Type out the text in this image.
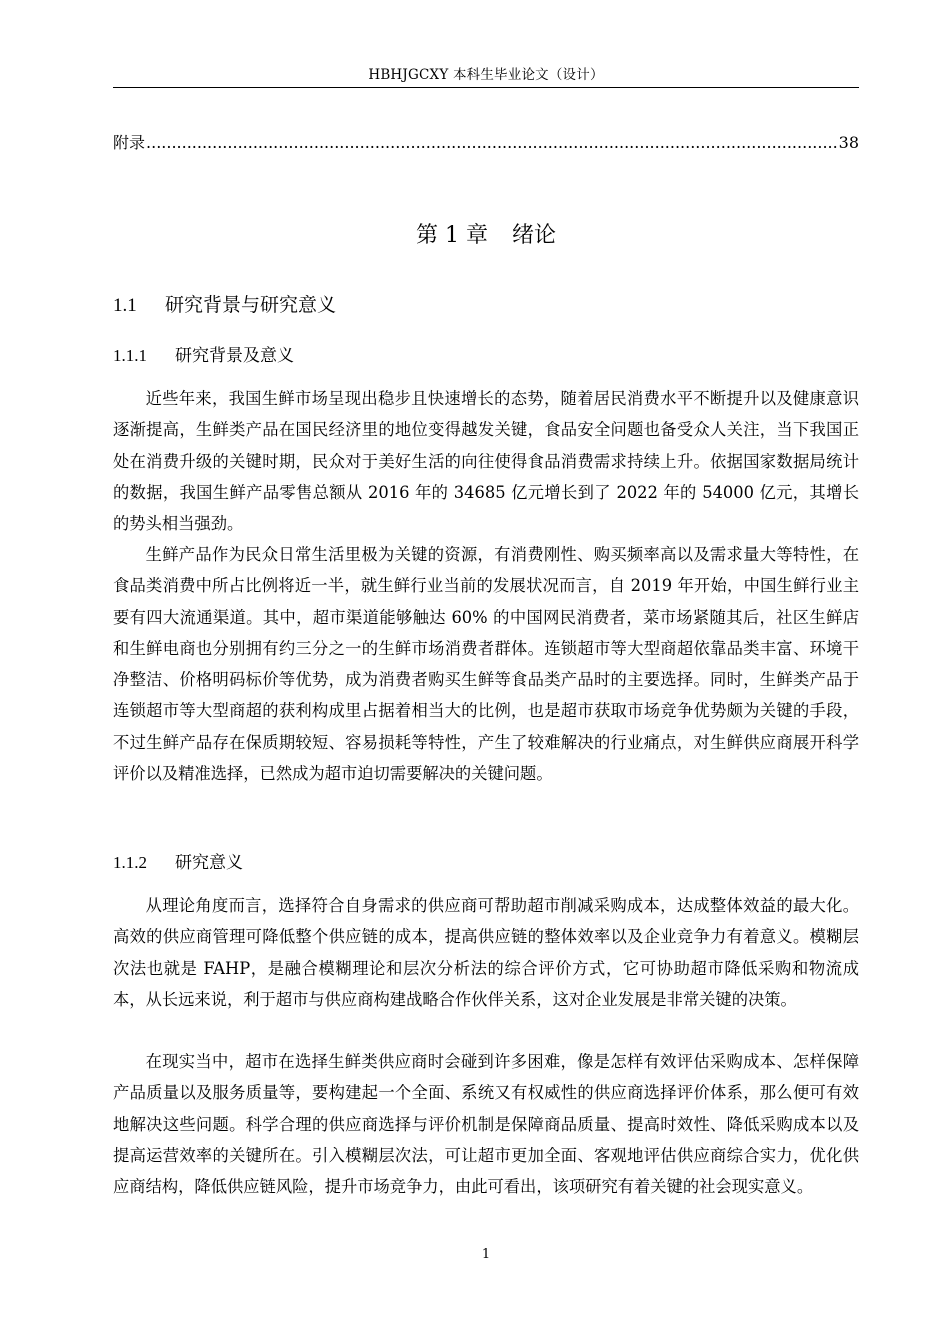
HBHJGCXY 本科生毕业论文（设计）
附录
.....	38
第 1 章 绪论
1.1 研究背景与研究意义
1.1.1 研究背景及意义

近些年来，我国生鲜市场呈现出稳步且快速增长的态势，随着居民消费水平不断提升以及健康意识逐渐提高，生鲜类产品在国民经济里的地位变得越发关键，食品安全问题也备受众人关注，当下我国正处在消费升级的关键时期，民众对于美好生活的向往使得食品消费需求持续上升。依据国家数据局统计的数据，我国生鲜产品零售总额从 2016 年的 34685 亿元增长到了 2022 年的 54000 亿元，其增长的势头相当强劲。

生鲜产品作为民众日常生活里极为关键的资源，有消费刚性、购买频率高以及需求量大等特性，在食品类消费中所占比例将近一半，就生鲜行业当前的发展状况而言，自 2019 年开始，中国生鲜行业主要有四大流通渠道。其中，超市渠道能够触达 60% 的中国网民消费者，菜市场紧随其后，社区生鲜店和生鲜电商也分别拥有约三分之一的生鲜市场消费者群体。连锁超市等大型商超依靠品类丰富、环境干净整洁、价格明码标价等优势，成为消费者购买生鲜等食品类产品时的主要选择。同时，生鲜类产品于连锁超市等大型商超的获利构成里占据着相当大的比例，也是超市获取市场竞争优势颇为关键的手段，不过生鲜产品存在保质期较短、容易损耗等特性，产生了较难解决的行业痛点，对生鲜供应商展开科学评价以及精准选择，已然成为超市迫切需要解决的关键问题。

1.1.2 研究意义

从理论角度而言，选择符合自身需求的供应商可帮助超市削减采购成本，达成整体效益的最大化。高效的供应商管理可降低整个供应链的成本，提高供应链的整体效率以及企业竞争力有着意义。模糊层次法也就是 FAHP，是融合模糊理论和层次分析法的综合评价方式，它可协助超市降低采购和物流成本，从长远来说，利于超市与供应商构建战略合作伙伴关系，这对企业发展是非常关键的决策。

在现实当中，超市在选择生鲜类供应商时会碰到许多困难，像是怎样有效评估采购成本、怎样保障产品质量以及服务质量等，要构建起一个全面、系统又有权威性的供应商选择评价体系，那么便可有效地解决这些问题。科学合理的供应商选择与评价机制是保障商品质量、提高时效性、降低采购成本以及提高运营效率的关键所在。引入模糊层次法，可让超市更加全面、客观地评估供应商综合实力，优化供应商结构，降低供应链风险，提升市场竞争力，由此可看出，该项研究有着关键的社会现实意义。

1
